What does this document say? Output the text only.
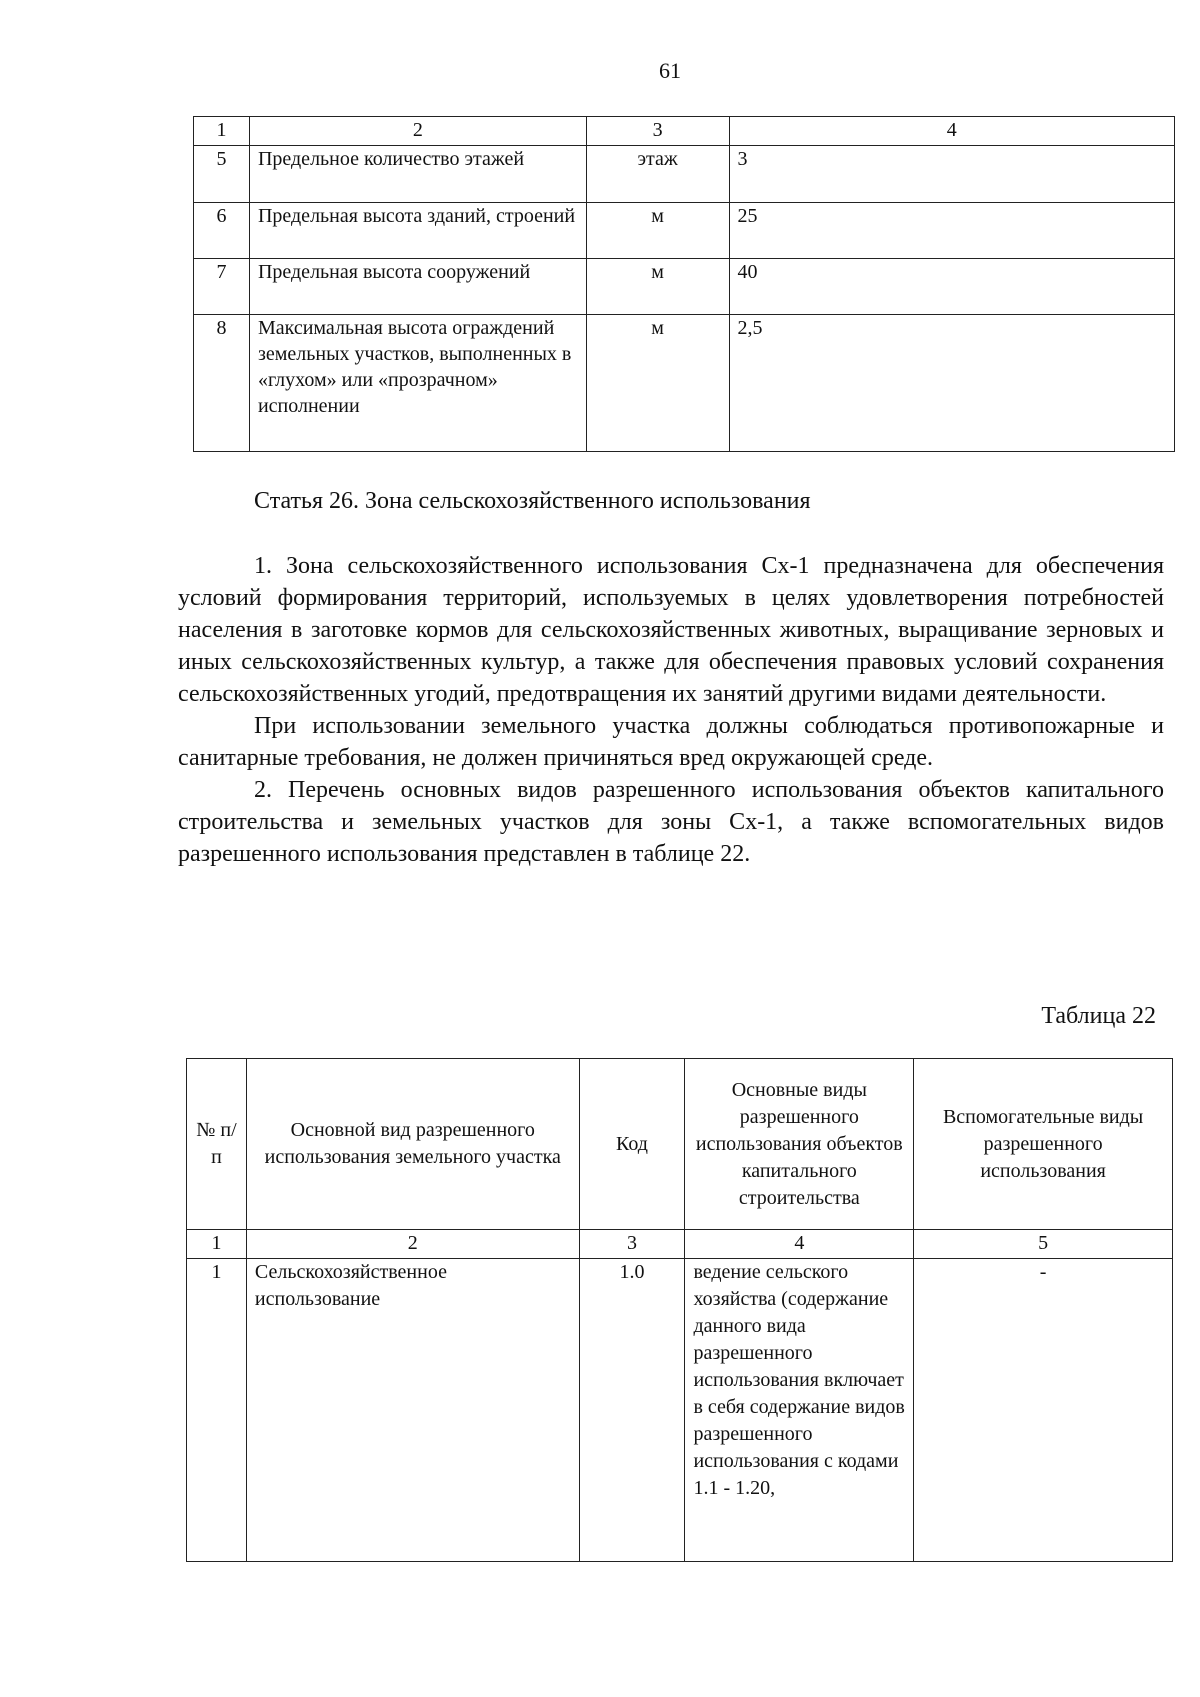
61
1	2	3	4
5	Предельное количество этажей	этаж	3
6	Предельная высота зданий, строений	м	25
7	Предельная высота сооружений	м	40
8	Максимальная высота ограждений земельных участков, выполненных в «глухом» или «прозрачном» исполнении	м	2,5
Статья 26. Зона сельскохозяйственного использования

1. Зона сельскохозяйственного использования Сх-1 предназначена для обеспечения условий формирования территорий, используемых в целях удовлетворения потребностей населения в заготовке кормов для сельскохозяйственных животных, выращивание зерновых и иных сельскохозяйственных культур, а также для обеспечения правовых условий сохранения сельскохозяйственных угодий, предотвращения их занятий другими видами деятельности.

При использовании земельного участка должны соблюдаться противопожарные и санитарные требования, не должен причиняться вред окружающей среде.

2. Перечень основных видов разрешенного использования объектов капитального строительства и земельных участков для зоны Сх-1, а также вспомогательных видов разрешенного использования представлен в таблице 22.

Таблица 22
№ п/п	Основной вид разрешенного использования земельного участка	Код	Основные виды разрешенного использования объектов капитального строительства	Вспомогательные виды разрешенного использования
1	2	3	4	5
1	Сельскохозяйственное использование	1.0	ведение сельского хозяйства (содержание данного вида разрешенного использования включает в себя содержание видов разрешенного использования с кодами 1.1 - 1.20,	-
